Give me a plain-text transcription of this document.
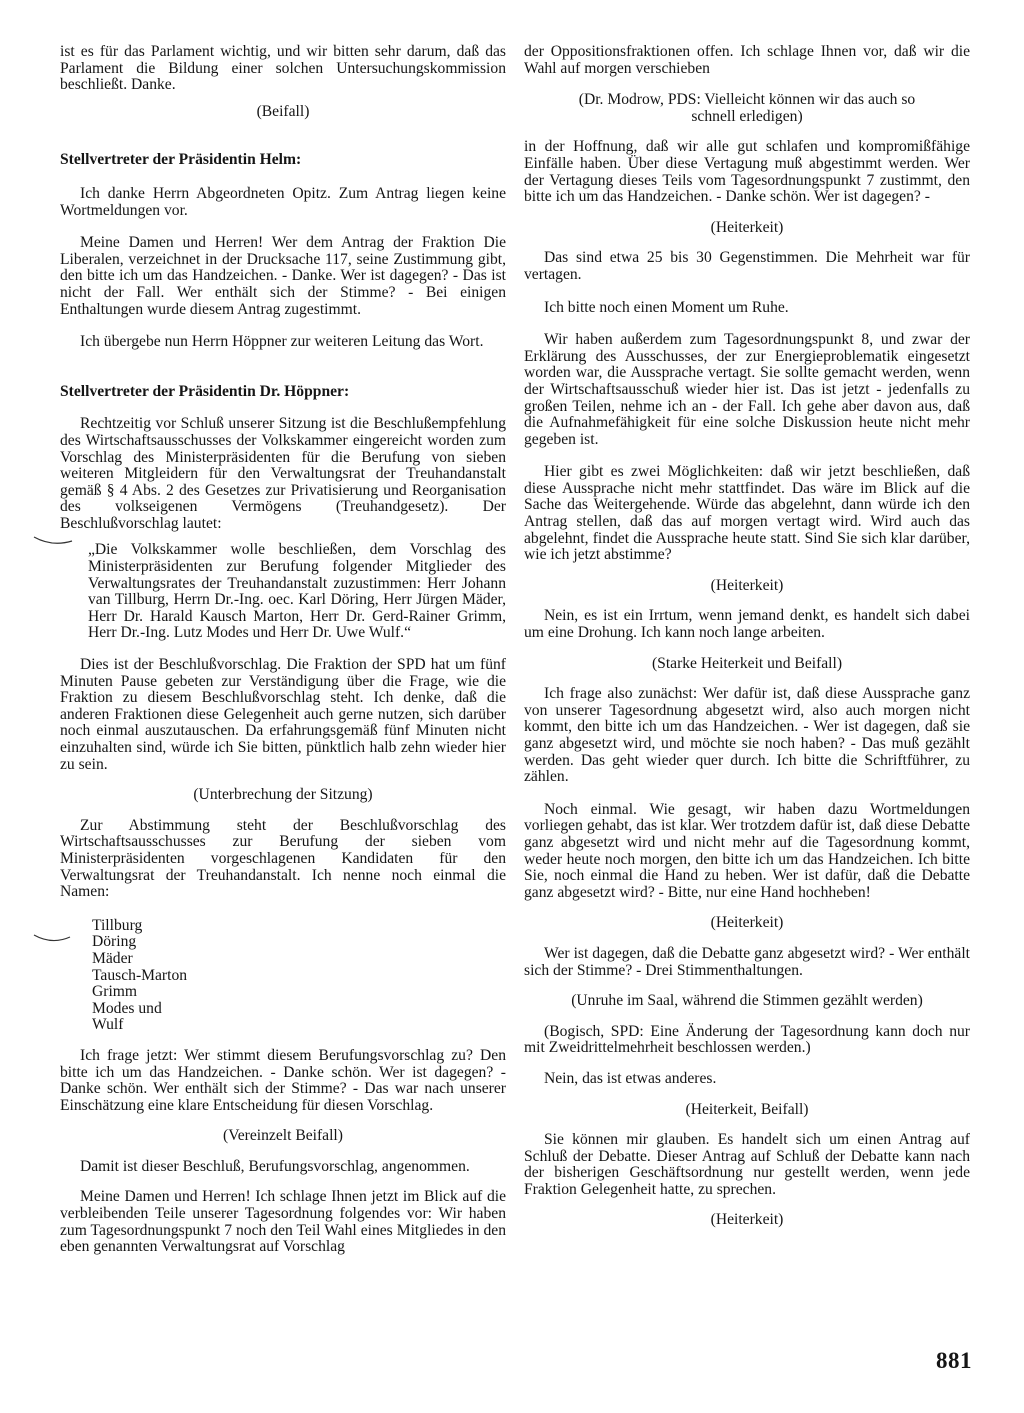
ist es für das Parlament wichtig, und wir bitten sehr darum, daß das Parlament die Bildung einer solchen Untersuchungskommission beschließt. Danke.

(Beifall)

Stellvertreter der Präsidentin Helm:

Ich danke Herrn Abgeordneten Opitz. Zum Antrag liegen keine Wortmeldungen vor.

Meine Damen und Herren! Wer dem Antrag der Fraktion Die Liberalen, verzeichnet in der Drucksache 117, seine Zustimmung gibt, den bitte ich um das Handzeichen. - Danke. Wer ist dagegen? - Das ist nicht der Fall. Wer enthält sich der Stimme? - Bei einigen Enthaltungen wurde diesem Antrag zugestimmt.

Ich übergebe nun Herrn Höppner zur weiteren Leitung das Wort.

Stellvertreter der Präsidentin Dr. Höppner:

Rechtzeitig vor Schluß unserer Sitzung ist die Beschlußempfehlung des Wirtschaftsausschusses der Volkskammer eingereicht worden zum Vorschlag des Ministerpräsidenten für die Berufung von sieben weiteren Mitgleidern für den Verwaltungsrat der Treuhandanstalt gemäß § 4 Abs. 2 des Gesetzes zur Privatisierung und Reorganisation des volkseigenen Vermögens (Treuhandgesetz). Der Beschlußvorschlag lautet:

„Die Volkskammer wolle beschließen, dem Vorschlag des Ministerpräsidenten zur Berufung folgender Mitglieder des Verwaltungsrates der Treuhandanstalt zuzustimmen: Herr Johann van Tillburg, Herrn Dr.-Ing. oec. Karl Döring, Herr Jürgen Mäder, Herr Dr. Harald Kausch Marton, Herr Dr. Gerd-Rainer Grimm, Herr Dr.-Ing. Lutz Modes und Herr Dr. Uwe Wulf.“

Dies ist der Beschlußvorschlag. Die Fraktion der SPD hat um fünf Minuten Pause gebeten zur Verständigung über die Frage, wie die Fraktion zu diesem Beschlußvorschlag steht. Ich denke, daß die anderen Fraktionen diese Gelegenheit auch gerne nutzen, sich darüber noch einmal auszutauschen. Da erfahrungsgemäß fünf Minuten nicht einzuhalten sind, würde ich Sie bitten, pünktlich halb zehn wieder hier zu sein.

(Unterbrechung der Sitzung)

Zur Abstimmung steht der Beschlußvorschlag des Wirtschaftsausschusses zur Berufung der sieben vom Ministerpräsidenten vorgeschlagenen Kandidaten für den Verwaltungsrat der Treuhandanstalt. Ich nenne noch einmal die Namen:

Tillburg
Döring
Mäder
Tausch-Marton
Grimm
Modes und
Wulf

Ich frage jetzt: Wer stimmt diesem Berufungsvorschlag zu? Den bitte ich um das Handzeichen. - Danke schön. Wer ist dagegen? - Danke schön. Wer enthält sich der Stimme? - Das war nach unserer Einschätzung eine klare Entscheidung für diesen Vorschlag.

(Vereinzelt Beifall)

Damit ist dieser Beschluß, Berufungsvorschlag, angenommen.

Meine Damen und Herren! Ich schlage Ihnen jetzt im Blick auf die verbleibenden Teile unserer Tagesordnung folgendes vor: Wir haben zum Tagesordnungspunkt 7 noch den Teil Wahl eines Mitgliedes in den eben genannten Verwaltungsrat auf Vorschlag

der Oppositionsfraktionen offen. Ich schlage Ihnen vor, daß wir die Wahl auf morgen verschieben

(Dr. Modrow, PDS: Vielleicht können wir das auch so schnell erledigen)

in der Hoffnung, daß wir alle gut schlafen und kompromißfähige Einfälle haben. Über diese Vertagung muß abgestimmt werden. Wer der Vertagung dieses Teils vom Tagesordnungspunkt 7 zustimmt, den bitte ich um das Handzeichen. - Danke schön. Wer ist dagegen? -

(Heiterkeit)

Das sind etwa 25 bis 30 Gegenstimmen. Die Mehrheit war für vertagen.

Ich bitte noch einen Moment um Ruhe.

Wir haben außerdem zum Tagesordnungspunkt 8, und zwar der Erklärung des Ausschusses, der zur Energieproblematik eingesetzt worden war, die Aussprache vertagt. Sie sollte gemacht werden, wenn der Wirtschaftsausschuß wieder hier ist. Das ist jetzt - jedenfalls zu großen Teilen, nehme ich an - der Fall. Ich gehe aber davon aus, daß die Aufnahmefähigkeit für eine solche Diskussion heute nicht mehr gegeben ist.

Hier gibt es zwei Möglichkeiten: daß wir jetzt beschließen, daß diese Aussprache nicht mehr stattfindet. Das wäre im Blick auf die Sache das Weitergehende. Würde das abgelehnt, dann würde ich den Antrag stellen, daß das auf morgen vertagt wird. Wird auch das abgelehnt, findet die Aussprache heute statt. Sind Sie sich klar darüber, wie ich jetzt abstimme?

(Heiterkeit)

Nein, es ist ein Irrtum, wenn jemand denkt, es handelt sich dabei um eine Drohung. Ich kann noch lange arbeiten.

(Starke Heiterkeit und Beifall)

Ich frage also zunächst: Wer dafür ist, daß diese Aussprache ganz von unserer Tagesordnung abgesetzt wird, also auch morgen nicht kommt, den bitte ich um das Handzeichen. - Wer ist dagegen, daß sie ganz abgesetzt wird, und möchte sie noch haben? - Das muß gezählt werden. Das geht wieder quer durch. Ich bitte die Schriftführer, zu zählen.

Noch einmal. Wie gesagt, wir haben dazu Wortmeldungen vorliegen gehabt, das ist klar. Wer trotzdem dafür ist, daß diese Debatte ganz abgesetzt wird und nicht mehr auf die Tagesordnung kommt, weder heute noch morgen, den bitte ich um das Handzeichen. Ich bitte Sie, noch einmal die Hand zu heben. Wer ist dafür, daß die Debatte ganz abgesetzt wird? - Bitte, nur eine Hand hochheben!

(Heiterkeit)

Wer ist dagegen, daß die Debatte ganz abgesetzt wird? - Wer enthält sich der Stimme? - Drei Stimmenthaltungen.

(Unruhe im Saal, während die Stimmen gezählt werden)

(Bogisch, SPD: Eine Änderung der Tagesordnung kann doch nur mit Zweidrittelmehrheit beschlossen werden.)

Nein, das ist etwas anderes.

(Heiterkeit, Beifall)

Sie können mir glauben. Es handelt sich um einen Antrag auf Schluß der Debatte. Dieser Antrag auf Schluß der Debatte kann nach der bisherigen Geschäftsordnung nur gestellt werden, wenn jede Fraktion Gelegenheit hatte, zu sprechen.

(Heiterkeit)

881
